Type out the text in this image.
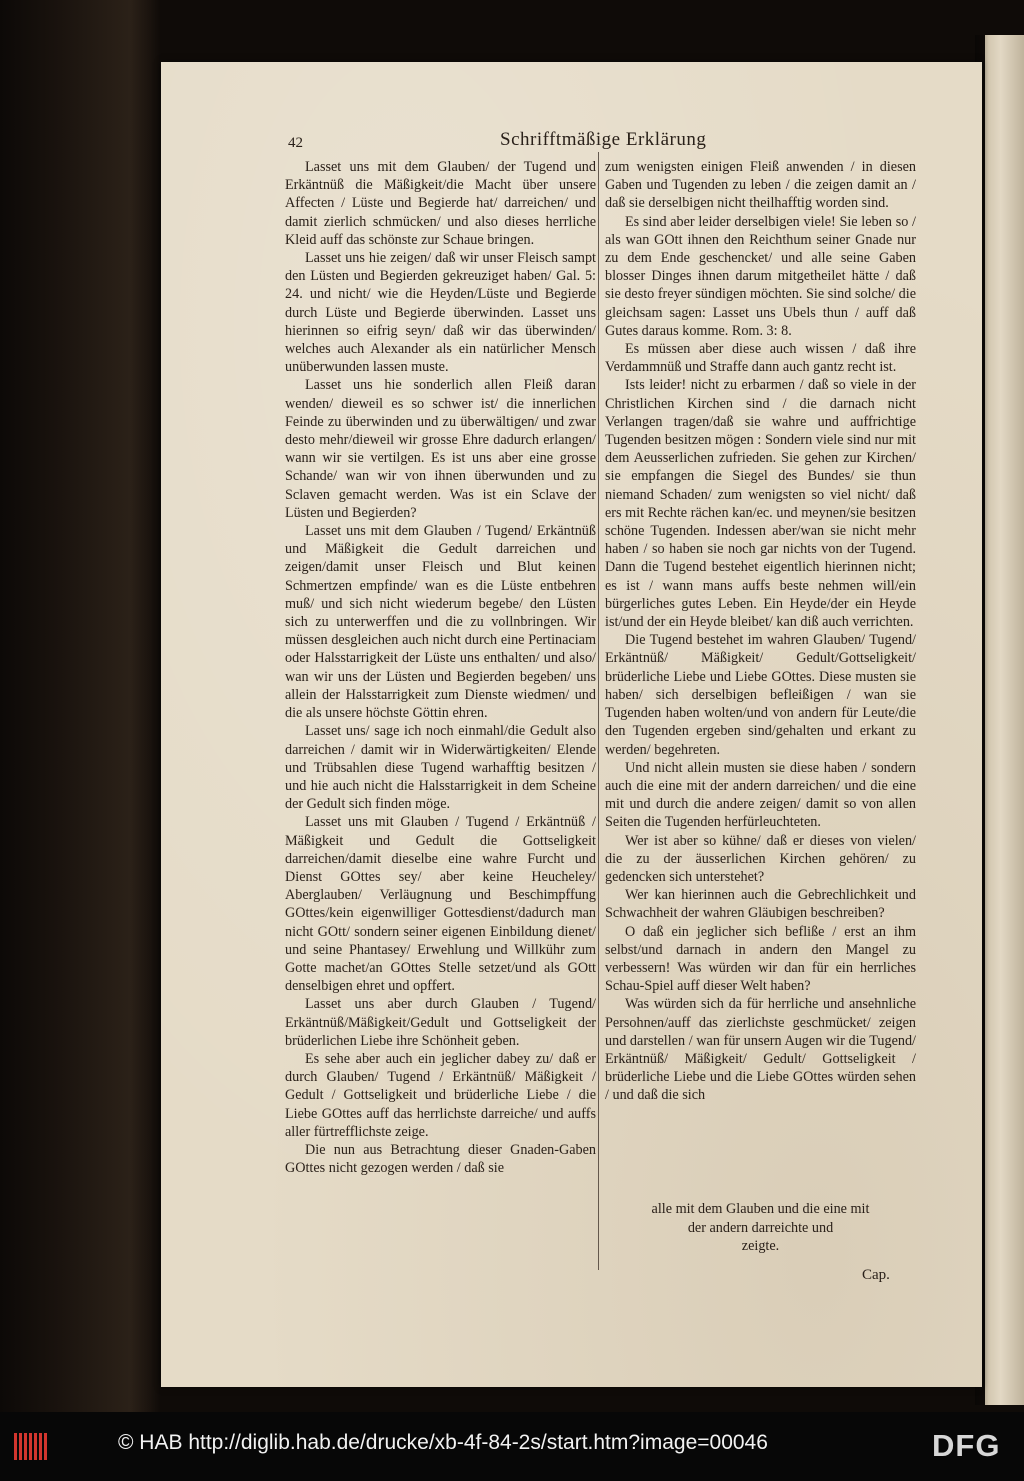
42	Schrifftmäßige Erklärung

Lasset uns mit dem Glauben/ der Tugend und Erkäntnüß die Mäßigkeit/die Macht über unsere Affecten / Lüste und Begierde hat/ darreichen/ und damit zierlich schmücken/ und also dieses herrliche Kleid auff das schönste zur Schaue bringen.

Lasset uns hie zeigen/ daß wir unser Fleisch sampt den Lüsten und Begierden gekreuziget haben/ Gal. 5: 24. und nicht/ wie die Heyden/Lüste und Begierde durch Lüste und Begierde überwinden. Lasset uns hierinnen so eifrig seyn/ daß wir das überwinden/ welches auch Alexander als ein natürlicher Mensch unüberwunden lassen muste.

Lasset uns hie sonderlich allen Fleiß daran wenden/ dieweil es so schwer ist/ die innerlichen Feinde zu überwinden und zu überwältigen/ und zwar desto mehr/dieweil wir grosse Ehre dadurch erlangen/ wann wir sie vertilgen. Es ist uns aber eine grosse Schande/ wan wir von ihnen überwunden und zu Sclaven gemacht werden. Was ist ein Sclave der Lüsten und Begierden?

Lasset uns mit dem Glauben / Tugend/ Erkäntnüß und Mäßigkeit die Gedult darreichen und zeigen/damit unser Fleisch und Blut keinen Schmertzen empfinde/ wan es die Lüste entbehren muß/ und sich nicht wiederum begebe/ den Lüsten sich zu unterwerffen und die zu vollnbringen. Wir müssen desgleichen auch nicht durch eine Pertinaciam oder Halsstarrigkeit der Lüste uns enthalten/ und also/ wan wir uns der Lüsten und Begierden begeben/ uns allein der Halsstarrigkeit zum Dienste wiedmen/ und die als unsere höchste Göttin ehren.

Lasset uns/ sage ich noch einmahl/die Gedult also darreichen / damit wir in Widerwärtigkeiten/ Elende und Trübsahlen diese Tugend warhafftig besitzen / und hie auch nicht die Halsstarrigkeit in dem Scheine der Gedult sich finden möge.

Lasset uns mit Glauben / Tugend / Erkäntnüß / Mäßigkeit und Gedult die Gottseligkeit darreichen/damit dieselbe eine wahre Furcht und Dienst GOttes sey/ aber keine Heucheley/ Aberglauben/ Verläugnung und Beschimpffung GOttes/kein eigenwilliger Gottesdienst/dadurch man nicht GOtt/ sondern seiner eigenen Einbildung dienet/ und seine Phantasey/ Erwehlung und Willkühr zum Gotte machet/an GOttes Stelle setzet/und als GOtt denselbigen ehret und opffert.

Lasset uns aber durch Glauben / Tugend/ Erkäntnüß/Mäßigkeit/Gedult und Gottseligkeit der brüderlichen Liebe ihre Schönheit geben.

Es sehe aber auch ein jeglicher dabey zu/ daß er durch Glauben/ Tugend / Erkäntnüß/ Mäßigkeit / Gedult / Gottseligkeit und brüderliche Liebe / die Liebe GOttes auff das herrlichste darreiche/ und auffs aller fürtrefflichste zeige.

Die nun aus Betrachtung dieser Gnaden-Gaben GOttes nicht gezogen werden / daß sie

zum wenigsten einigen Fleiß anwenden / in diesen Gaben und Tugenden zu leben / die zeigen damit an / daß sie derselbigen nicht theilhafftig worden sind.

Es sind aber leider derselbigen viele! Sie leben so / als wan GOtt ihnen den Reichthum seiner Gnade nur zu dem Ende geschencket/ und alle seine Gaben blosser Dinges ihnen darum mitgetheilet hätte / daß sie desto freyer sündigen möchten. Sie sind solche/ die gleichsam sagen: Lasset uns Ubels thun / auff daß Gutes daraus komme. Rom. 3: 8.

Es müssen aber diese auch wissen / daß ihre Verdammnüß und Straffe dann auch gantz recht ist.

Ists leider! nicht zu erbarmen / daß so viele in der Christlichen Kirchen sind / die darnach nicht Verlangen tragen/daß sie wahre und auffrichtige Tugenden besitzen mögen : Sondern viele sind nur mit dem Aeusserlichen zufrieden. Sie gehen zur Kirchen/ sie empfangen die Siegel des Bundes/ sie thun niemand Schaden/ zum wenigsten so viel nicht/ daß ers mit Rechte rächen kan/ec. und meynen/sie besitzen schöne Tugenden. Indessen aber/wan sie nicht mehr haben / so haben sie noch gar nichts von der Tugend. Dann die Tugend bestehet eigentlich hierinnen nicht; es ist / wann mans auffs beste nehmen will/ein bürgerliches gutes Leben. Ein Heyde/der ein Heyde ist/und der ein Heyde bleibet/ kan diß auch verrichten.

Die Tugend bestehet im wahren Glauben/ Tugend/ Erkäntnüß/ Mäßigkeit/ Gedult/Gottseligkeit/ brüderliche Liebe und Liebe GOttes. Diese musten sie haben/ sich derselbigen befleißigen / wan sie Tugenden haben wolten/und von andern für Leute/die den Tugenden ergeben sind/gehalten und erkant zu werden/ begehreten.

Und nicht allein musten sie diese haben / sondern auch die eine mit der andern darreichen/ und die eine mit und durch die andere zeigen/ damit so von allen Seiten die Tugenden herfürleuchteten.

Wer ist aber so kühne/ daß er dieses von vielen/ die zu der äusserlichen Kirchen gehören/ zu gedencken sich unterstehet?

Wer kan hierinnen auch die Gebrechlichkeit und Schwachheit der wahren Gläubigen beschreiben?

O daß ein jeglicher sich befliße / erst an ihm selbst/und darnach in andern den Mangel zu verbessern! Was würden wir dan für ein herrliches Schau-Spiel auff dieser Welt haben?

Was würden sich da für herrliche und ansehnliche Persohnen/auff das zierlichste geschmücket/ zeigen und darstellen / wan für unsern Augen wir die Tugend/ Erkäntnüß/ Mäßigkeit/ Gedult/ Gottseligkeit / brüderliche Liebe und die Liebe GOttes würden sehen / und daß die sich

alle mit dem Glauben und die eine mit
der andern darreichte und
zeigte.
Cap.
© HAB http://diglib.hab.de/drucke/xb-4f-84-2s/start.htm?image=00046	DFG
